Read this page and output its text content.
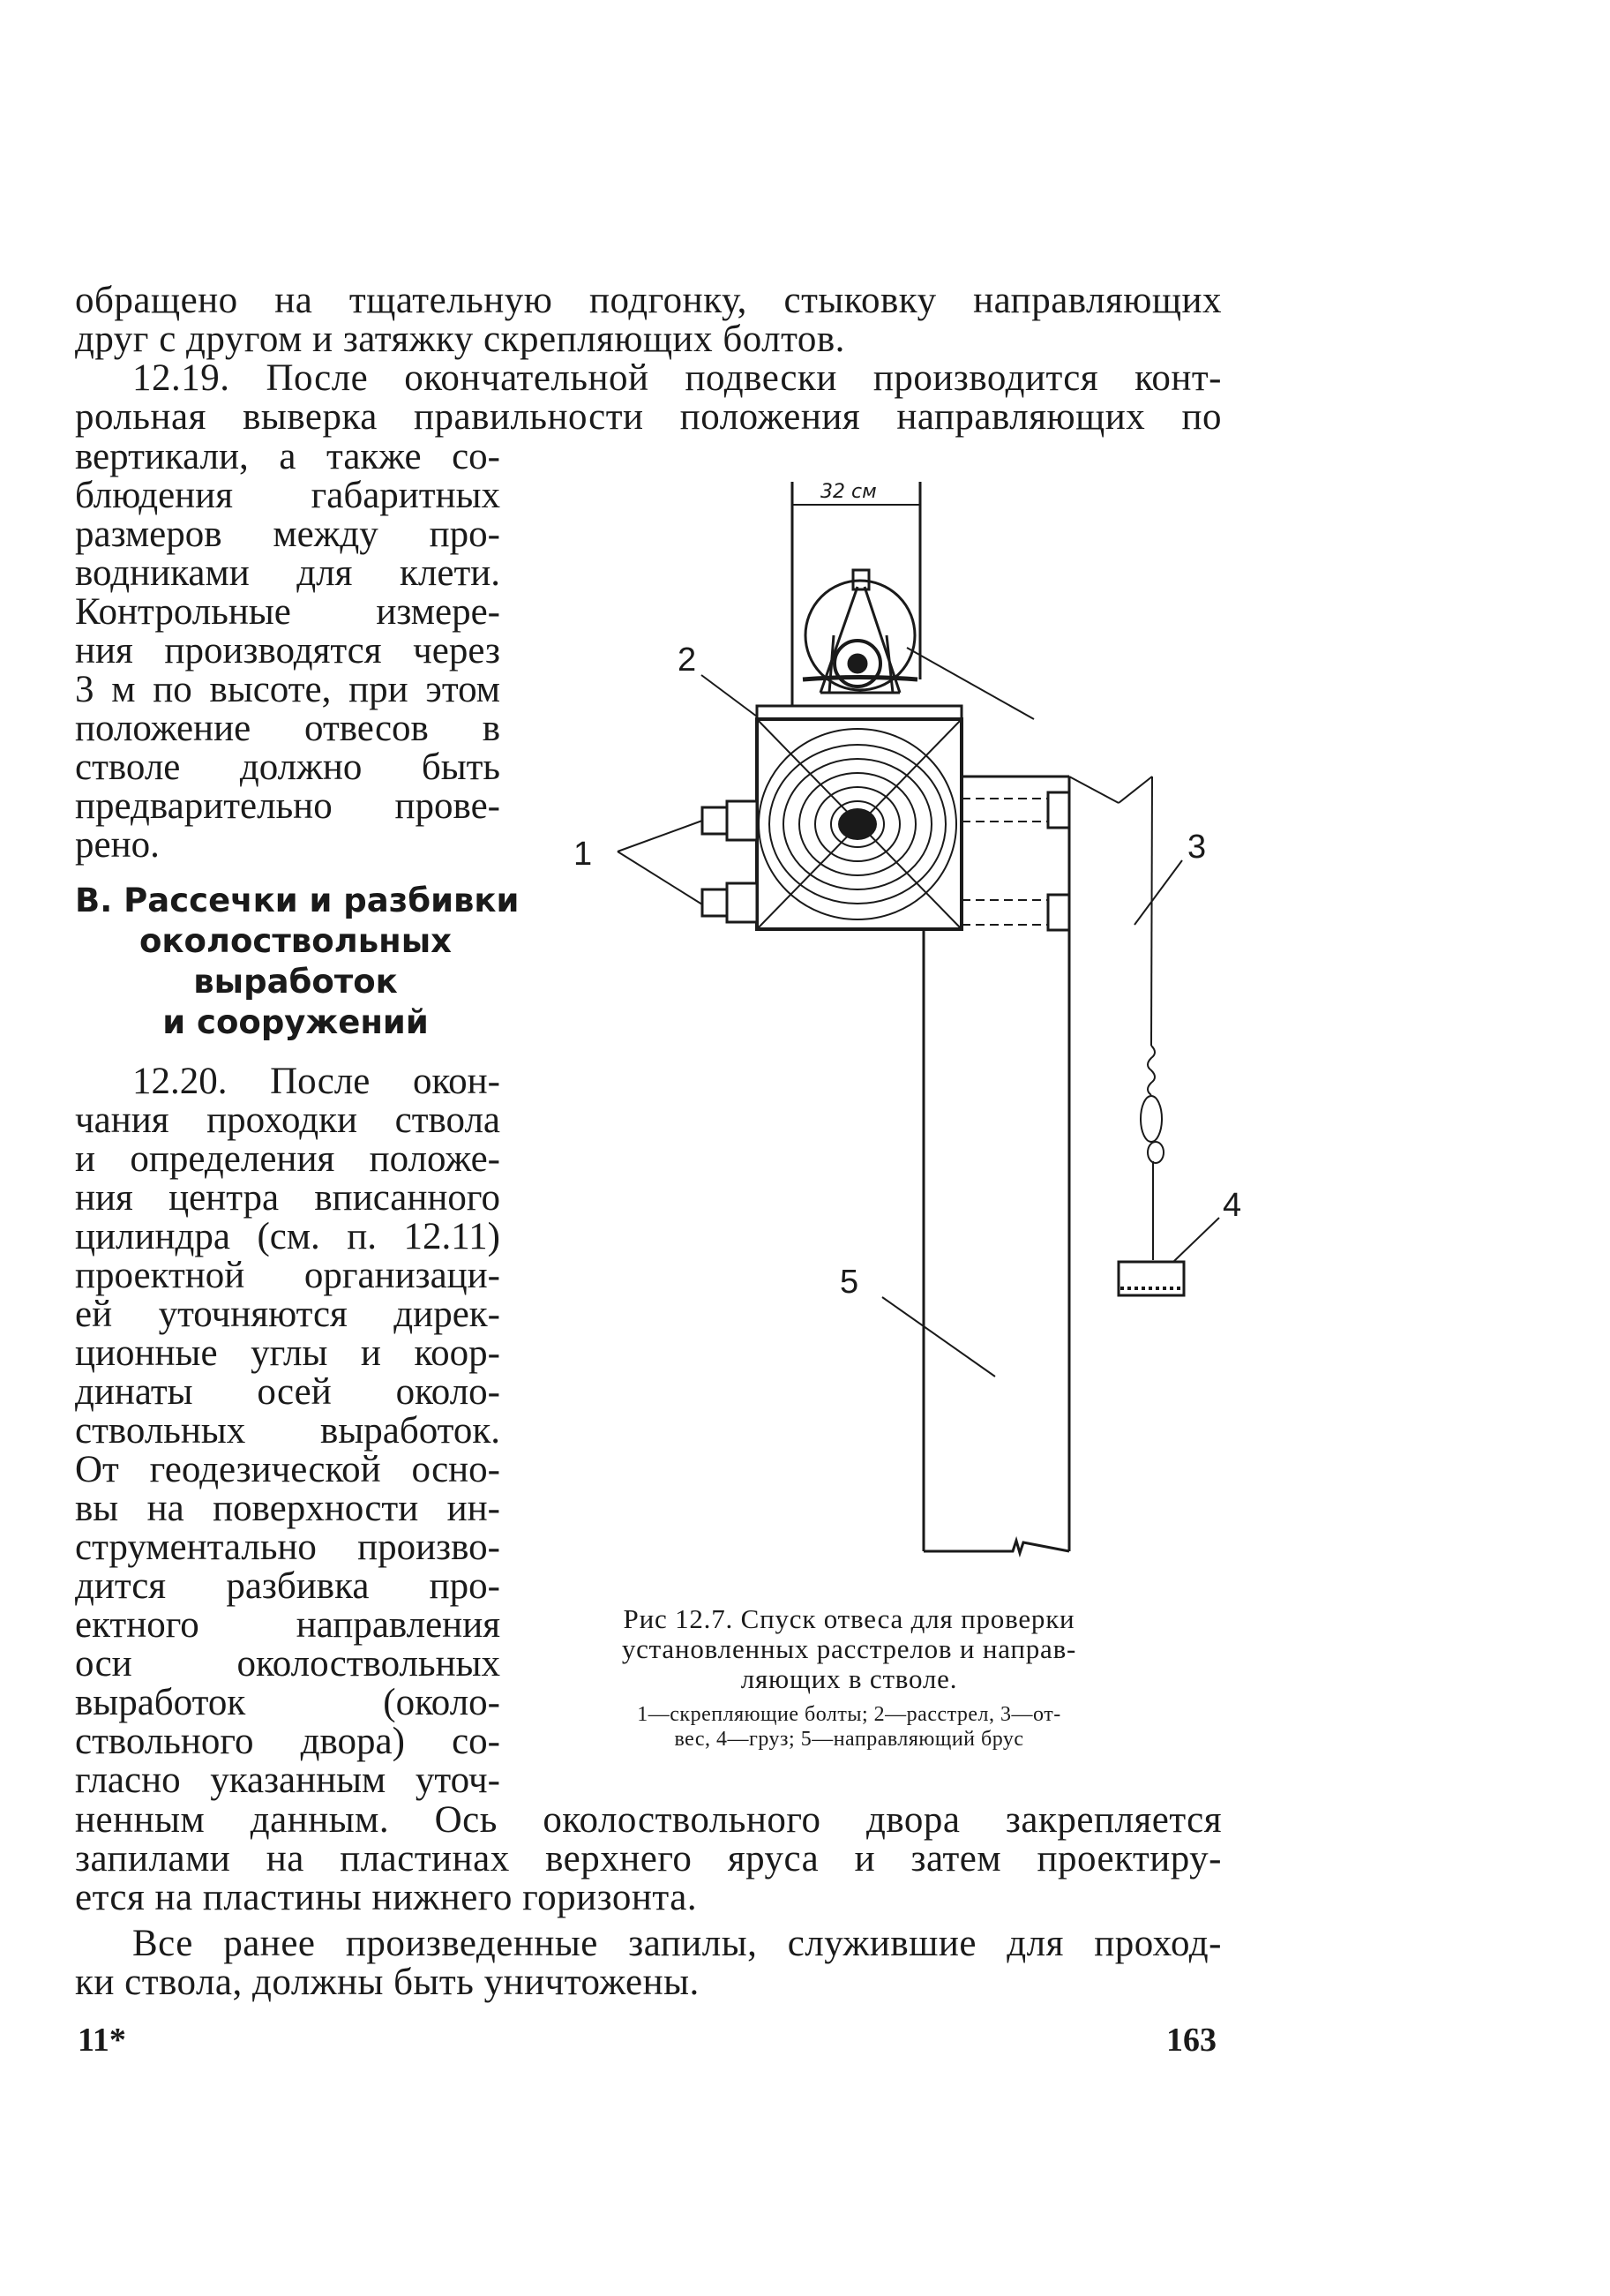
обращено на тщательную подгонку, стыковку направляющих
друг с другом и затяжку скрепляющих болтов.
12.19. После окончательной подвески производится конт-
рольная выверка правильности положения направляющих по
вертикали, а также со-
блюдения габаритных
размеров между про-
водниками для клети.
Контрольные измере-
ния производятся через
3 м по высоте, при этом
положение отвесов в
стволе должно быть
предварительно прове-
рено.
В. Рассечки и разбивки
околоствольных
выработок
и сооружений
12.20. После окон-
чания проходки ствола
и определения положе-
ния центра вписанного
цилиндра (см. п. 12.11)
проектной организаци-
ей уточняются дирек-
ционные углы и коор-
динаты осей околo-
ствольных выработок.
От геодезической осно-
вы на поверхности ин-
струментально произво-
дится разбивка про-
ектного направления
оси околоствольных
выработок (околo-
ствольного двора) со-
гласно указанным уточ-
ненным данным. Ось околоствольного двора закрепляется
запилами на пластинах верхнего яруса и затем проектиру-
ется на пластины нижнего горизонта.
Все ранее произведенные запилы, служившие для проход-
ки ствола, должны быть уничтожены.
32 см
2
1	3
4
5
Рис 12.7. Спуск отвеса для проверки
установленных расстрелов и направ-
ляющих в стволе.
1—скрепляющие болты; 2—расстрел, 3—от-
вес, 4—груз; 5—направляющий брус
11*	163
